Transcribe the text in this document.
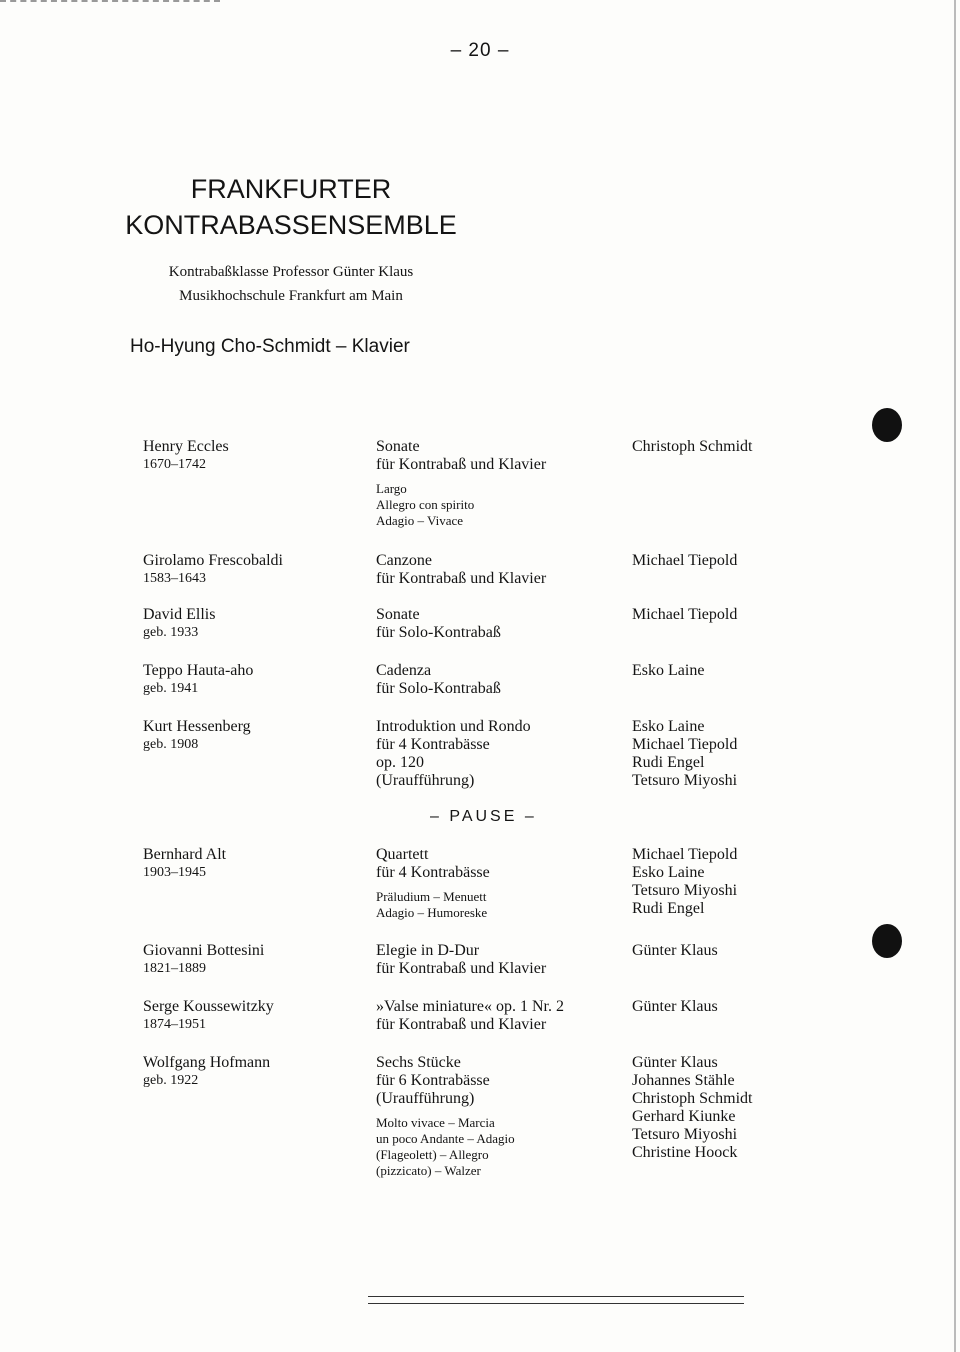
– 20 –
FRANKFURTER
KONTRABASSENSEMBLE
Kontrabaßklasse Professor Günter Klaus
Musikhochschule Frankfurt am Main
Ho-Hyung Cho-Schmidt – Klavier
Henry Eccles
1670–1742
Sonate
für Kontrabaß und Klavier
Largo
Allegro con spirito
Adagio – Vivace
Christoph Schmidt
Girolamo Frescobaldi
1583–1643
Canzone
für Kontrabaß und Klavier
Michael Tiepold
David Ellis
geb. 1933
Sonate
für Solo-Kontrabaß
Michael Tiepold
Teppo Hauta-aho
geb. 1941
Cadenza
für Solo-Kontrabaß
Esko Laine
Kurt Hessenberg
geb. 1908
Introduktion und Rondo
für 4 Kontrabässe
op. 120
(Uraufführung)
Esko Laine
Michael Tiepold
Rudi Engel
Tetsuro Miyoshi
Bernhard Alt
1903–1945
Quartett
für 4 Kontrabässe
Präludium – Menuett
Adagio – Humoreske
Michael Tiepold
Esko Laine
Tetsuro Miyoshi
Rudi Engel
Giovanni Bottesini
1821–1889
Elegie in D-Dur
für Kontrabaß und Klavier
Günter Klaus
Serge Koussewitzky
1874–1951
»Valse miniature« op. 1 Nr. 2
für Kontrabaß und Klavier
Günter Klaus
Wolfgang Hofmann
geb. 1922
Sechs Stücke
für 6 Kontrabässe
(Uraufführung)
Molto vivace – Marcia
un poco Andante – Adagio
(Flageolett) – Allegro
(pizzicato) – Walzer
Günter Klaus
Johannes Stähle
Christoph Schmidt
Gerhard Kiunke
Tetsuro Miyoshi
Christine Hoock
– PAUSE –
